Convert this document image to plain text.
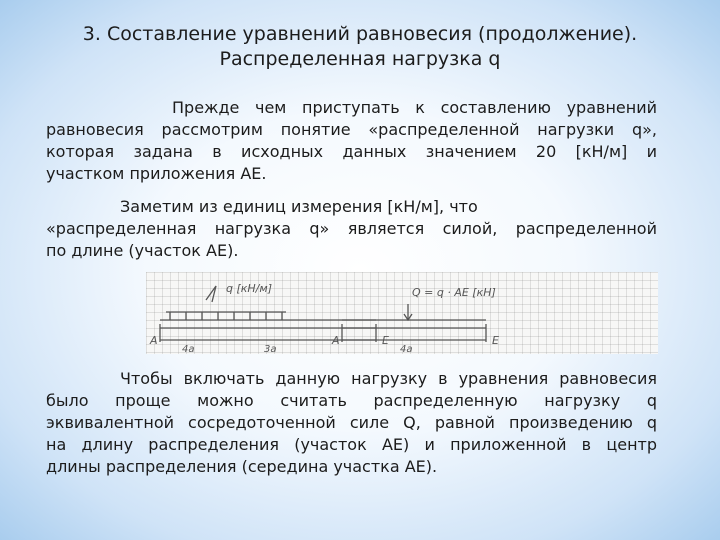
3. Составление уравнений равновесия (продолжение).
Распределенная нагрузка q
Прежде чем приступать к составлению уравнений
равновесия рассмотрим понятие «распределенной нагрузки q»,
которая задана в исходных данных значением 20 [кН/м] и
участком приложения АЕ.
Заметим из единиц измерения [кН/м], что
«распределенная нагрузка q» является силой, распределенной
по длине (участок АЕ).
q [кН/м]
A	E
4a	3a
Q = q · AE [кН]
A	E
4a
Чтобы включать данную нагрузку в уравнения равновесия
было проще можно считать распределенную нагрузку q
эквивалентной сосредоточенной силе Q, равной произведению q
на длину распределения (участок АЕ) и приложенной в центр
длины распределения (середина участка АЕ).
